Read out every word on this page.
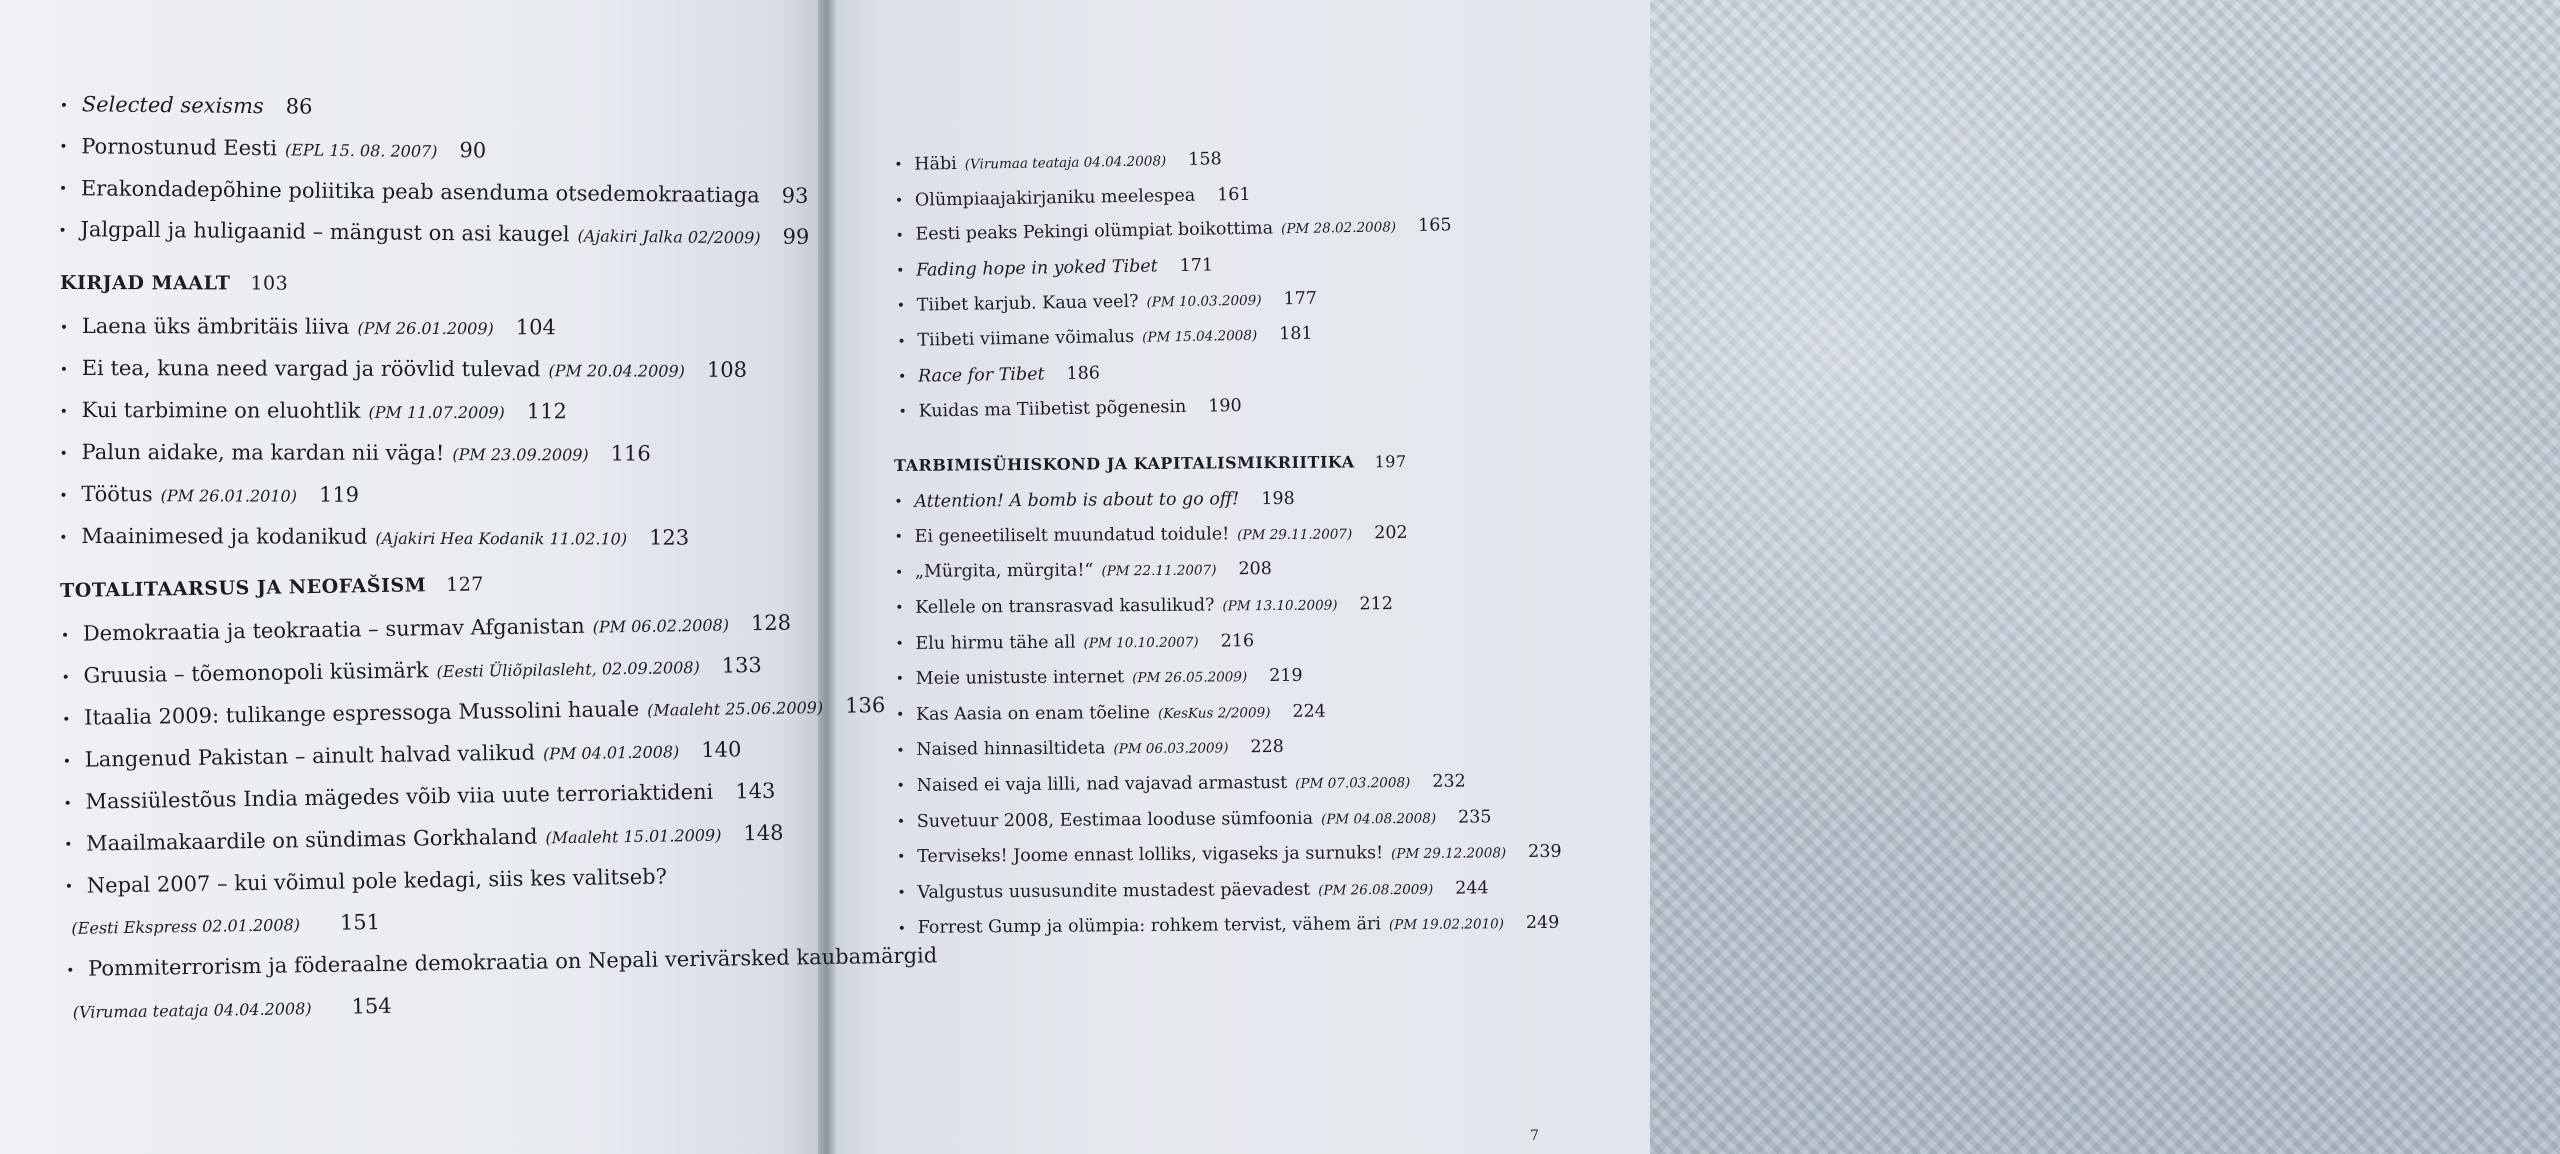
• Selected sexisms 86
• Pornostunud Eesti (EPL 15. 08. 2007) 90
• Erakondadepõhine poliitika peab asenduma otsedemokraatiaga 93
• Jalgpall ja huligaanid – mängust on asi kaugel (Ajakiri Jalka 02/2009) 99
KIRJAD MAALT 103
• Laena üks ämbritäis liiva (PM 26.01.2009) 104
• Ei tea, kuna need vargad ja röövlid tulevad (PM 20.04.2009) 108
• Kui tarbimine on eluohtlik (PM 11.07.2009) 112
• Palun aidake, ma kardan nii väga! (PM 23.09.2009) 116
• Töötus (PM 26.01.2010) 119
• Maainimesed ja kodanikud (Ajakiri Hea Kodanik 11.02.10) 123
TOTALITAARSUS JA NEOFAŠISM 127
• Demokraatia ja teokraatia – surmav Afganistan (PM 06.02.2008) 128
• Gruusia – tõemonopoli küsimärk (Eesti Üliõpilasleht, 02.09.2008) 133
• Itaalia 2009: tulikange espressoga Mussolini hauale (Maaleht 25.06.2009) 136
• Langenud Pakistan – ainult halvad valikud (PM 04.01.2008) 140
• Massiülestõus India mägedes võib viia uute terroriaktideni 143
• Maailmakaardile on sündimas Gorkhaland (Maaleht 15.01.2009) 148
• Nepal 2007 – kui võimul pole kedagi, siis kes valitseb?
(Eesti Ekspress 02.01.2008) 151
• Pommiterrorism ja föderaalne demokraatia on Nepali verivärsked kaubamärgid
(Virumaa teataja 04.04.2008) 154
• Häbi (Virumaa teataja 04.04.2008) 158
• Olümpiaajakirjaniku meelespea 161
• Eesti peaks Pekingi olümpiat boikottima (PM 28.02.2008) 165
• Fading hope in yoked Tibet 171
• Tiibet karjub. Kaua veel? (PM 10.03.2009) 177
• Tiibeti viimane võimalus (PM 15.04.2008) 181
• Race for Tibet 186
• Kuidas ma Tiibetist põgenesin 190
TARBIMISÜHISKOND JA KAPITALISMIKRIITIKA 197
• Attention! A bomb is about to go off! 198
• Ei geneetiliselt muundatud toidule! (PM 29.11.2007) 202
• „Mürgita, mürgita!“ (PM 22.11.2007) 208
• Kellele on transrasvad kasulikud? (PM 13.10.2009) 212
• Elu hirmu tähe all (PM 10.10.2007) 216
• Meie unistuste internet (PM 26.05.2009) 219
• Kas Aasia on enam tõeline (KesKus 2/2009) 224
• Naised hinnasiltideta (PM 06.03.2009) 228
• Naised ei vaja lilli, nad vajavad armastust (PM 07.03.2008) 232
• Suvetuur 2008, Eestimaa looduse sümfoonia (PM 04.08.2008) 235
• Terviseks! Joome ennast lolliks, vigaseks ja surnuks! (PM 29.12.2008) 239
• Valgustus uususundite mustadest päevadest (PM 26.08.2009) 244
• Forrest Gump ja olümpia: rohkem tervist, vähem äri (PM 19.02.2010) 249
7
